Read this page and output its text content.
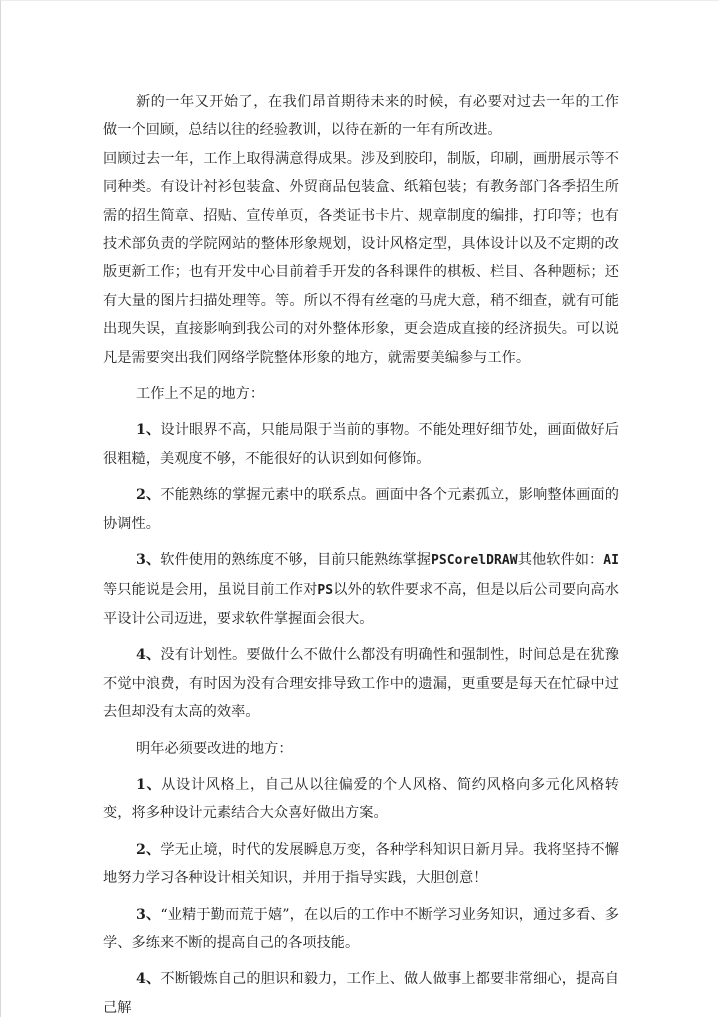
新的一年又开始了，在我们昂首期待未来的时候，有必要对过去一年的工作做一个回顾，总结以往的经验教训，以待在新的一年有所改进。

回顾过去一年，工作上取得满意得成果。涉及到胶印，制版，印刷，画册展示等不同种类。有设计衬衫包装盒、外贸商品包装盒、纸箱包装；有教务部门各季招生所需的招生简章、招贴、宣传单页，各类证书卡片、规章制度的编排，打印等；也有技术部负责的学院网站的整体形象规划，设计风格定型，具体设计以及不定期的改版更新工作；也有开发中心目前着手开发的各科课件的棋板、栏目、各种题标；还有大量的图片扫描处理等。等。所以不得有丝毫的马虎大意，稍不细查，就有可能出现失误，直接影响到我公司的对外整体形象，更会造成直接的经济损失。可以说凡是需要突出我们网络学院整体形象的地方，就需要美编参与工作。

工作上不足的地方：

1、设计眼界不高，只能局限于当前的事物。不能处理好细节处，画面做好后很粗糙，美观度不够，不能很好的认识到如何修饰。

2、不能熟练的掌握元素中的联系点。画面中各个元素孤立，影响整体画面的协调性。

3、软件使用的熟练度不够，目前只能熟练掌握PSCorelDRAW其他软件如：AI等只能说是会用，虽说目前工作对PS以外的软件要求不高，但是以后公司要向高水平设计公司迈进，要求软件掌握面会很大。

4、没有计划性。要做什么不做什么都没有明确性和强制性，时间总是在犹豫不觉中浪费，有时因为没有合理安排导致工作中的遗漏，更重要是每天在忙碌中过去但却没有太高的效率。

明年必须要改进的地方：

1、从设计风格上，自己从以往偏爱的个人风格、简约风格向多元化风格转变，将多种设计元素结合大众喜好做出方案。

2、学无止境，时代的发展瞬息万变，各种学科知识日新月异。我将坚持不懈地努力学习各种设计相关知识，并用于指导实践，大胆创意！

3、“业精于勤而荒于嬉”，在以后的工作中不断学习业务知识，通过多看、多学、多练来不断的提高自己的各项技能。

4、不断锻炼自己的胆识和毅力，工作上、做人做事上都要非常细心，提高自己解
